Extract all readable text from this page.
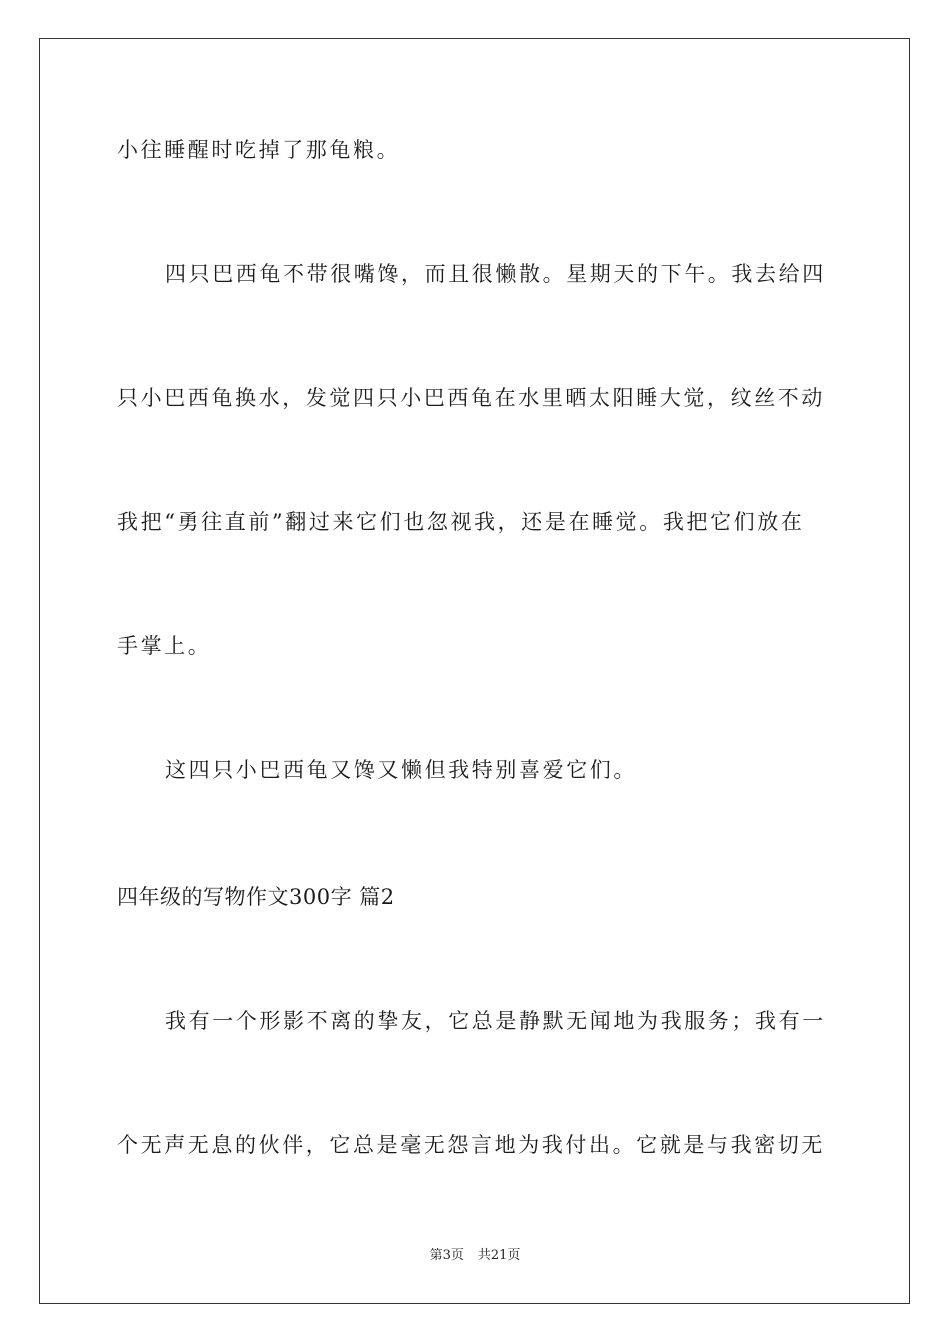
小往睡醒时吃掉了那龟粮。
四只巴西龟不带很嘴馋，而且很懒散。星期天的下午。我去给四
只小巴西龟换水，发觉四只小巴西龟在水里晒太阳睡大觉，纹丝不动
我把“勇往直前”翻过来它们也忽视我，还是在睡觉。我把它们放在
手掌上。
这四只小巴西龟又馋又懒但我特别喜爱它们。
四年级的写物作文300字 篇2
我有一个形影不离的挚友，它总是静默无闻地为我服务；我有一
个无声无息的伙伴，它总是毫无怨言地为我付出。它就是与我密切无
第3页 共21页
